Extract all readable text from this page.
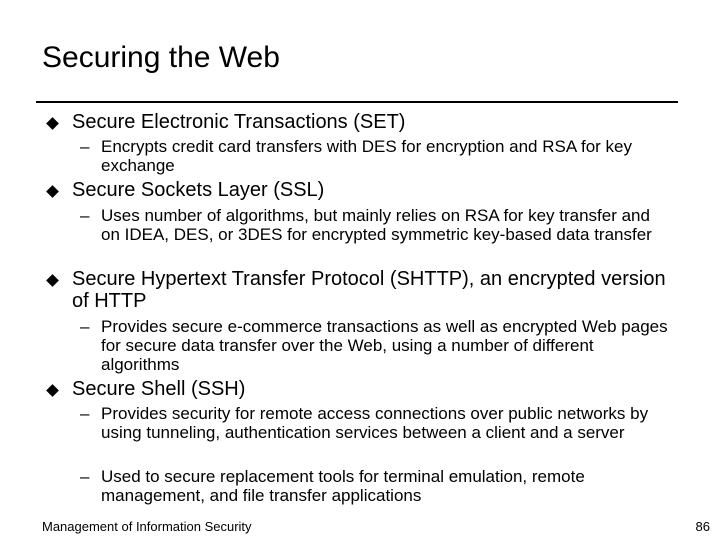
Securing the Web
Secure Electronic Transactions (SET)
– Encrypts credit card transfers with DES for encryption and RSA for key exchange
Secure Sockets Layer (SSL)
– Uses number of algorithms, but mainly relies on RSA for key transfer and on IDEA, DES, or 3DES for encrypted symmetric key-based data transfer
Secure Hypertext Transfer Protocol (SHTTP), an encrypted version of HTTP
– Provides secure e-commerce transactions as well as encrypted Web pages for secure data transfer over the Web, using a number of different algorithms
Secure Shell (SSH)
– Provides security for remote access connections over public networks by using tunneling, authentication services between a client and a server
– Used to secure replacement tools for terminal emulation, remote management, and file transfer applications
Management of Information Security	86
